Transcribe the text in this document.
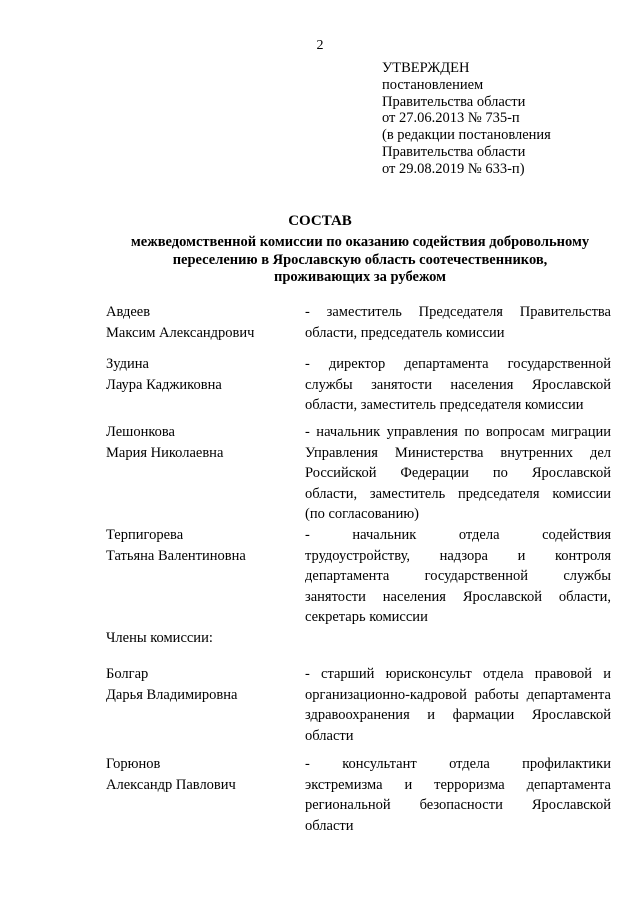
2
УТВЕРЖДЕН
постановлением
Правительства области
от 27.06.2013 № 735-п
(в редакции постановления
Правительства области
от 29.08.2019 № 633-п)
СОСТАВ
межведомственной комиссии по оказанию содействия добровольному
переселению в Ярославскую область соотечественников,
проживающих за рубежом
Авдеев
Максим Александрович
- заместитель Председателя Правительства
области, председатель комиссии
Зудина
Лаура Каджиковна
- директор департамента государственной
службы занятости населения Ярославской
области, заместитель председателя комиссии
Лешонкова
Мария Николаевна
- начальник управления по вопросам миграции
Управления Министерства внутренних дел
Российской Федерации по Ярославской
области, заместитель председателя комиссии
(по согласованию)
Терпигорева
Татьяна Валентиновна
- начальник отдела содействия
трудоустройству, надзора и контроля
департамента государственной службы
занятости населения Ярославской области,
секретарь комиссии
Члены комиссии:
Болгар
Дарья Владимировна
- старший юрисконсульт отдела правовой и
организационно-кадровой работы департамента
здравоохранения и фармации Ярославской
области
Горюнов
Александр Павлович
- консультант отдела профилактики
экстремизма и терроризма департамента
региональной безопасности Ярославской
области
